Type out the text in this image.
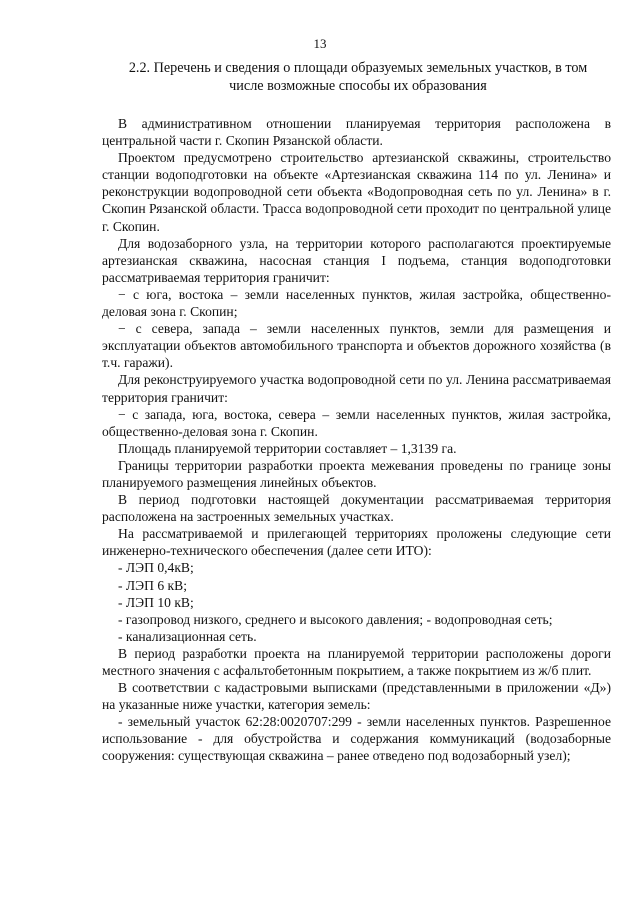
13
2.2. Перечень и сведения о площади образуемых земельных участков, в том числе возможные способы их образования

В административном отношении планируемая территория расположена в центральной части г. Скопин Рязанской области.

Проектом предусмотрено строительство артезианской скважины, строительство станции водоподготовки на объекте «Артезианская скважина 114 по ул. Ленина» и реконструкции водопроводной сети объекта «Водопроводная сеть по ул. Ленина» в г. Скопин Рязанской области. Трасса водопроводной сети проходит по центральной улице г. Скопин.

Для водозаборного узла, на территории которого располагаются проектируемые артезианская скважина, насосная станция I подъема, станция водоподготовки рассматриваемая территория граничит:

− с юга, востока – земли населенных пунктов, жилая застройка, общественно-деловая зона г. Скопин;

− с севера, запада – земли населенных пунктов, земли для размещения и эксплуатации объектов автомобильного транспорта и объектов дорожного хозяйства (в т.ч. гаражи).

Для реконструируемого участка водопроводной сети по ул. Ленина рассматриваемая территория граничит:

− с запада, юга, востока, севера – земли населенных пунктов, жилая застройка, общественно-деловая зона г. Скопин.

Площадь планируемой территории составляет – 1,3139 га.

Границы территории разработки проекта межевания проведены по границе зоны планируемого размещения линейных объектов.

В период подготовки настоящей документации рассматриваемая территория расположена на застроенных земельных участках.

На рассматриваемой и прилегающей территориях проложены следующие сети инженерно-технического обеспечения (далее сети ИТО):

- ЛЭП 0,4кВ;

- ЛЭП 6 кВ;

- ЛЭП 10 кВ;

- газопровод низкого, среднего и высокого давления; - водопроводная сеть;

- канализационная сеть.

В период разработки проекта на планируемой территории расположены дороги местного значения с асфальтобетонным покрытием, а также покрытием из ж/б плит.

В соответствии с кадастровыми выписками (представленными в приложении «Д») на указанные ниже участки, категория земель:

- земельный участок 62:28:0020707:299 - земли населенных пунктов. Разрешенное использование - для обустройства и содержания коммуникаций (водозаборные сооружения: существующая скважина – ранее отведено под водозаборный узел);
